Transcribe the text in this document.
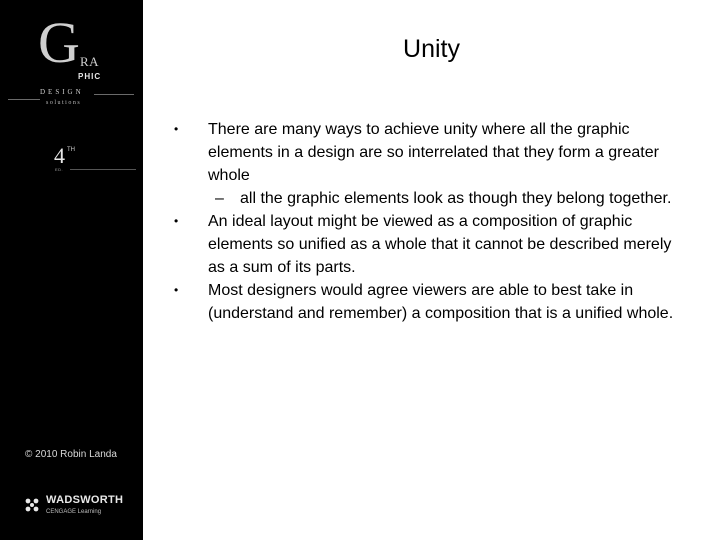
G RA
PHIC
DESIGN
solutions
4 TH
ED.
© 2010 Robin Landa
WADSWORTH
CENGAGE Learning
Unity
• There are many ways to achieve unity where all the graphic elements in a design are so interrelated that they form a greater whole
– all the graphic elements look as though they belong together.
• An ideal layout might be viewed as a composition of graphic elements so unified as a whole that it cannot be described merely as a sum of its parts.
• Most designers would agree viewers are able to best take in (understand and remember) a composition that is a unified whole.
